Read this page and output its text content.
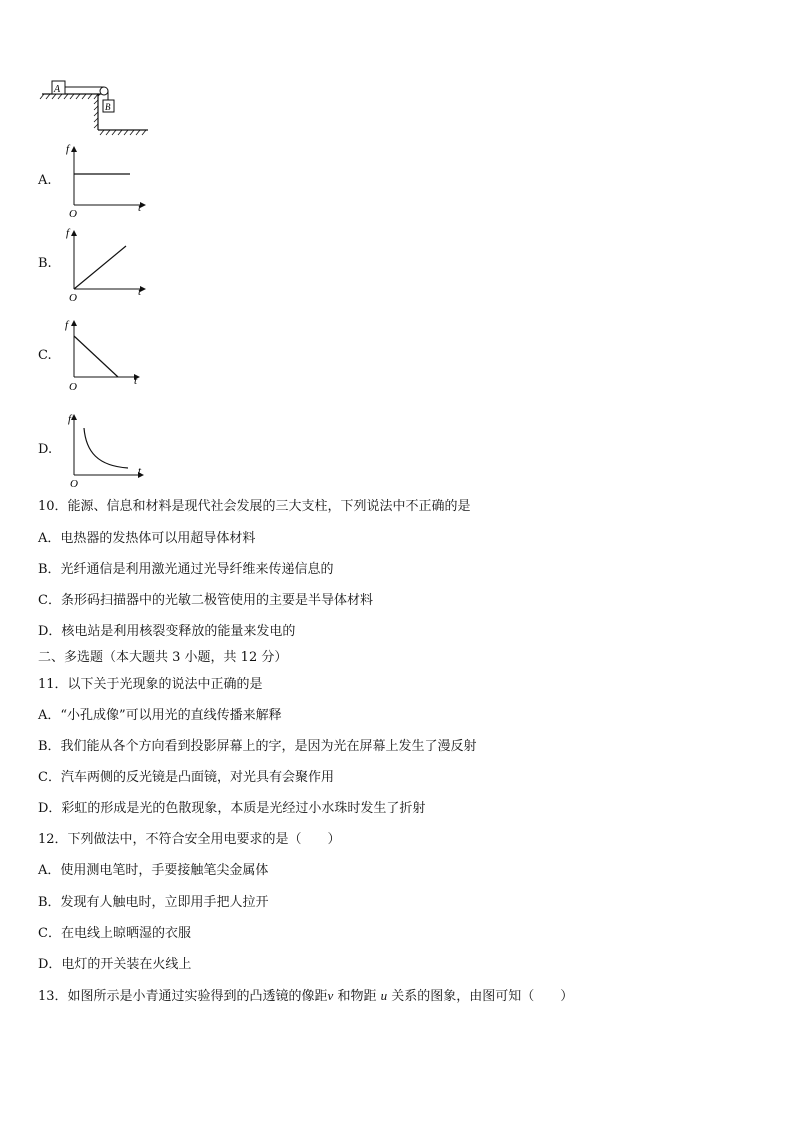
A
B
A.
f
t
O
B.
f
t
O
C.
f
t
O
D.
f
t
O
10．能源、信息和材料是现代社会发展的三大支柱，下列说法中不正确的是
A．电热器的发热体可以用超导体材料
B．光纤通信是利用激光通过光导纤维来传递信息的
C．条形码扫描器中的光敏二极管使用的主要是半导体材料
D．核电站是利用核裂变释放的能量来发电的
二、多选题（本大题共 3 小题，共 12 分）
11．以下关于光现象的说法中正确的是
A．“小孔成像”可以用光的直线传播来解释
B．我们能从各个方向看到投影屏幕上的字，是因为光在屏幕上发生了漫反射
C．汽车两侧的反光镜是凸面镜，对光具有会聚作用
D．彩虹的形成是光的色散现象，本质是光经过小水珠时发生了折射
12．下列做法中，不符合安全用电要求的是（　　）
A．使用测电笔时，手要接触笔尖金属体
B．发现有人触电时，立即用手把人拉开
C．在电线上晾晒湿的衣服
D．电灯的开关装在火线上
13．如图所示是小青通过实验得到的凸透镜的像距v 和物距 u 关系的图象，由图可知（　　）
